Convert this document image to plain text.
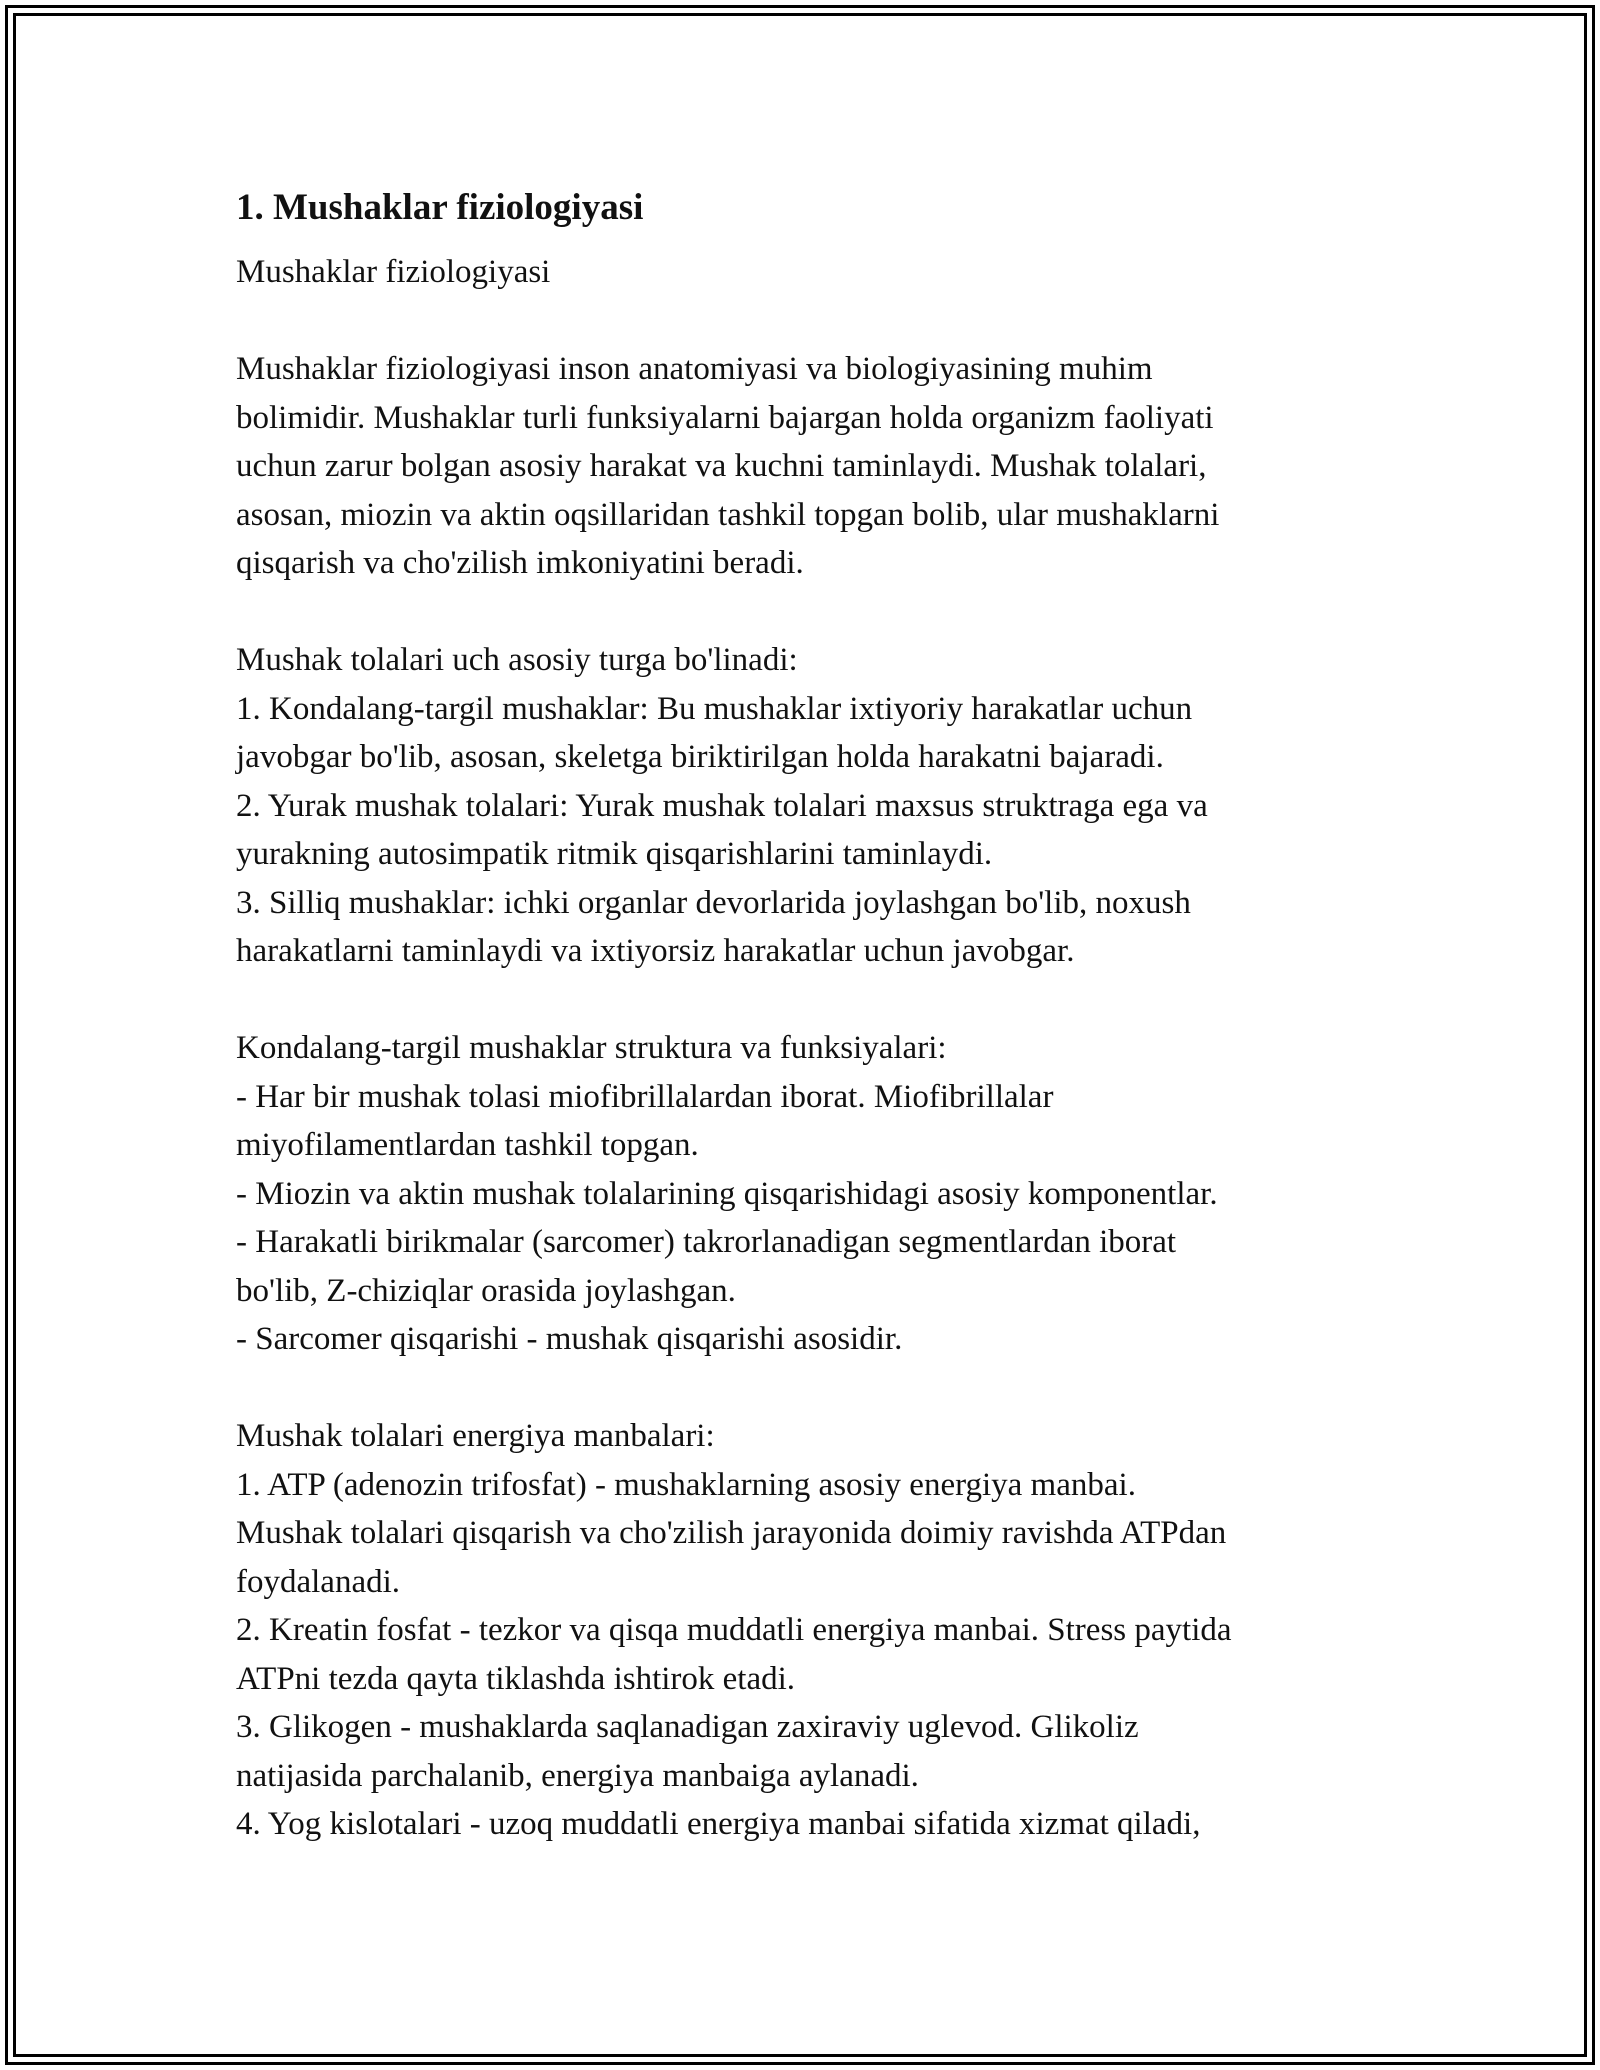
1. Mushaklar fiziologiyasi
Mushaklar fiziologiyasi
Mushaklar fiziologiyasi inson anatomiyasi va biologiyasining muhim
bolimidir. Mushaklar turli funksiyalarni bajargan holda organizm faoliyati
uchun zarur bolgan asosiy harakat va kuchni taminlaydi. Mushak tolalari,
asosan, miozin va aktin oqsillaridan tashkil topgan bolib, ular mushaklarni
qisqarish va cho'zilish imkoniyatini beradi.
Mushak tolalari uch asosiy turga bo'linadi:
1. Kondalang-targil mushaklar: Bu mushaklar ixtiyoriy harakatlar uchun
javobgar bo'lib, asosan, skeletga biriktirilgan holda harakatni bajaradi.
2. Yurak mushak tolalari: Yurak mushak tolalari maxsus struktraga ega va
yurakning autosimpatik ritmik qisqarishlarini taminlaydi.
3. Silliq mushaklar: ichki organlar devorlarida joylashgan bo'lib, noxush
harakatlarni taminlaydi va ixtiyorsiz harakatlar uchun javobgar.
Kondalang-targil mushaklar struktura va funksiyalari:
- Har bir mushak tolasi miofibrillalardan iborat. Miofibrillalar
miyofilamentlardan tashkil topgan.
- Miozin va aktin mushak tolalarining qisqarishidagi asosiy komponentlar.
- Harakatli birikmalar (sarcomer) takrorlanadigan segmentlardan iborat
bo'lib, Z-chiziqlar orasida joylashgan.
- Sarcomer qisqarishi - mushak qisqarishi asosidir.
Mushak tolalari energiya manbalari:
1. ATP (adenozin trifosfat) - mushaklarning asosiy energiya manbai.
Mushak tolalari qisqarish va cho'zilish jarayonida doimiy ravishda ATPdan
foydalanadi.
2. Kreatin fosfat - tezkor va qisqa muddatli energiya manbai. Stress paytida
ATPni tezda qayta tiklashda ishtirok etadi.
3. Glikogen - mushaklarda saqlanadigan zaxiraviy uglevod. Glikoliz
natijasida parchalanib, energiya manbaiga aylanadi.
4. Yog kislotalari - uzoq muddatli energiya manbai sifatida xizmat qiladi,
